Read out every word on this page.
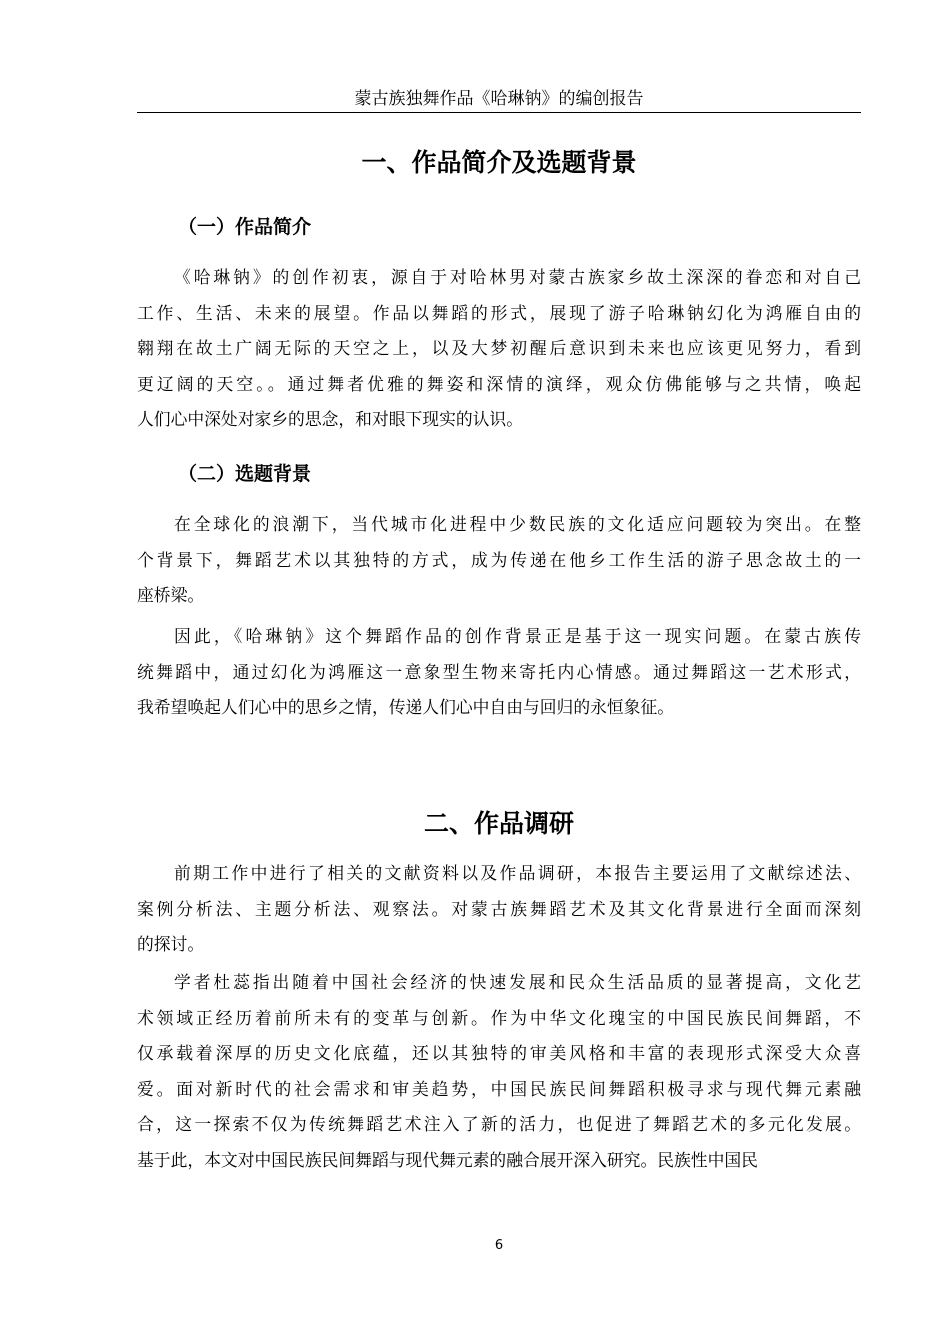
蒙古族独舞作品《哈琳钠》的编创报告
一、作品简介及选题背景
（一）作品简介
《哈琳钠》的创作初衷，源自于对哈林男对蒙古族家乡故土深深的眷恋和对自己
工作、生活、未来的展望。作品以舞蹈的形式，展现了游子哈琳钠幻化为鸿雁自由的
翱翔在故土广阔无际的天空之上，以及大梦初醒后意识到未来也应该更见努力，看到
更辽阔的天空。。通过舞者优雅的舞姿和深情的演绎，观众仿佛能够与之共情，唤起
人们心中深处对家乡的思念，和对眼下现实的认识。
（二）选题背景
在全球化的浪潮下，当代城市化进程中少数民族的文化适应问题较为突出。在整
个背景下，舞蹈艺术以其独特的方式，成为传递在他乡工作生活的游子思念故土的一
座桥梁。
因此，《哈琳钠》这个舞蹈作品的创作背景正是基于这一现实问题。在蒙古族传
统舞蹈中，通过幻化为鸿雁这一意象型生物来寄托内心情感。通过舞蹈这一艺术形式，
我希望唤起人们心中的思乡之情，传递人们心中自由与回归的永恒象征。
二、作品调研
前期工作中进行了相关的文献资料以及作品调研，本报告主要运用了文献综述法、
案例分析法、主题分析法、观察法。对蒙古族舞蹈艺术及其文化背景进行全面而深刻
的探讨。
学者杜蕊指出随着中国社会经济的快速发展和民众生活品质的显著提高，文化艺
术领域正经历着前所未有的变革与创新。作为中华文化瑰宝的中国民族民间舞蹈，不
仅承载着深厚的历史文化底蕴，还以其独特的审美风格和丰富的表现形式深受大众喜
爱。面对新时代的社会需求和审美趋势，中国民族民间舞蹈积极寻求与现代舞元素融
合，这一探索不仅为传统舞蹈艺术注入了新的活力，也促进了舞蹈艺术的多元化发展。
基于此，本文对中国民族民间舞蹈与现代舞元素的融合展开深入研究。民族性中国民
6
